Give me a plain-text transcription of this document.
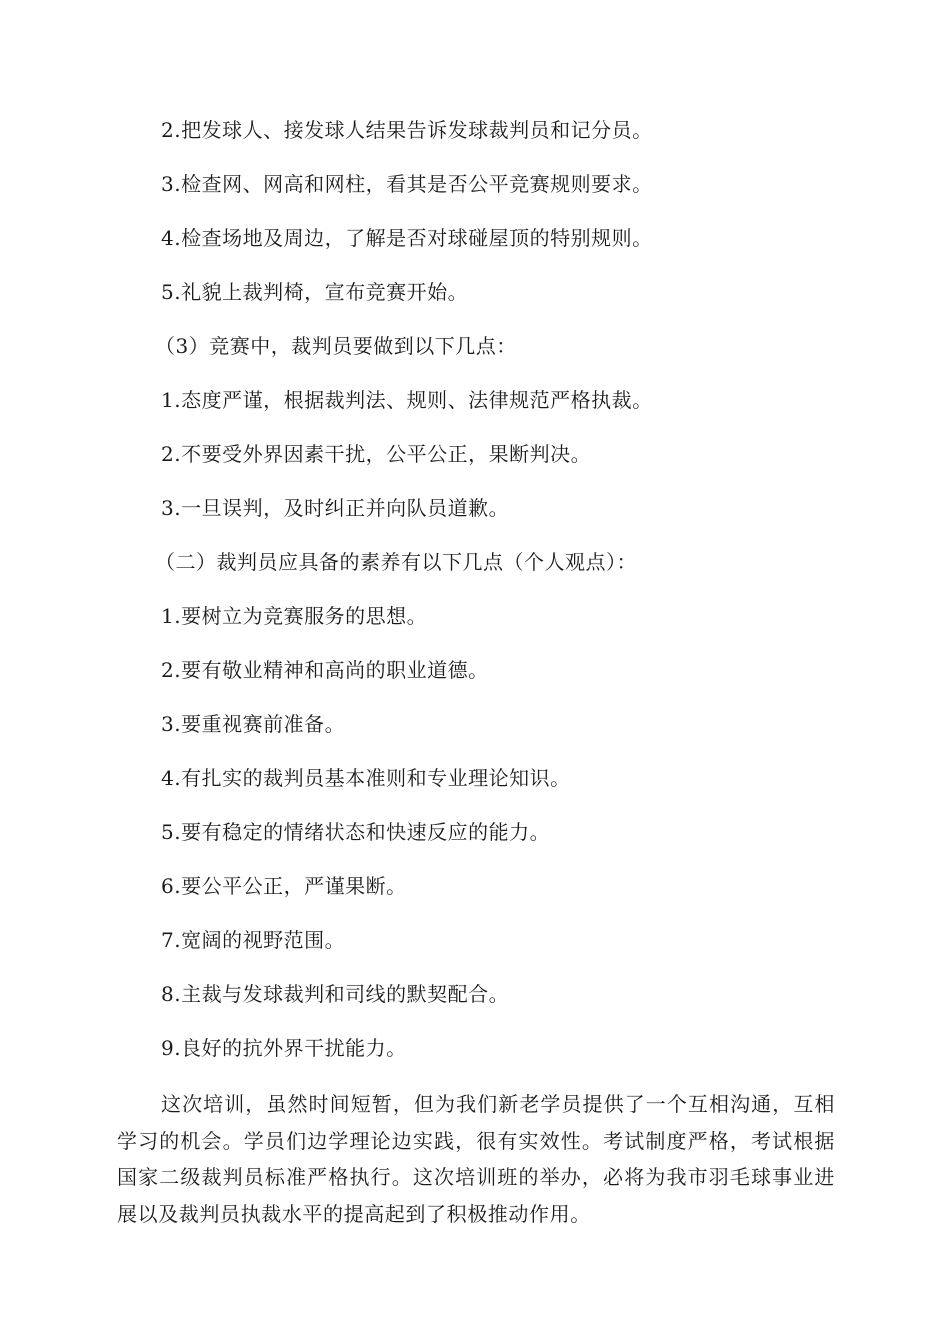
2.把发球人、接发球人结果告诉发球裁判员和记分员。
3.检查网、网高和网柱，看其是否公平竞赛规则要求。
4.检查场地及周边，了解是否对球碰屋顶的特别规则。
5.礼貌上裁判椅，宣布竞赛开始。
（3）竞赛中，裁判员要做到以下几点：
1.态度严谨，根据裁判法、规则、法律规范严格执裁。
2.不要受外界因素干扰，公平公正，果断判决。
3.一旦误判，及时纠正并向队员道歉。
（二）裁判员应具备的素养有以下几点（个人观点）：
1.要树立为竞赛服务的思想。
2.要有敬业精神和高尚的职业道德。
3.要重视赛前准备。
4.有扎实的裁判员基本准则和专业理论知识。
5.要有稳定的情绪状态和快速反应的能力。
6.要公平公正，严谨果断。
7.宽阔的视野范围。
8.主裁与发球裁判和司线的默契配合。
9.良好的抗外界干扰能力。
这次培训，虽然时间短暂，但为我们新老学员提供了一个互相沟通，互相学习的机会。学员们边学理论边实践，很有实效性。考试制度严格，考试根据国家二级裁判员标准严格执行。这次培训班的举办，必将为我市羽毛球事业进展以及裁判员执裁水平的提高起到了积极推动作用。
